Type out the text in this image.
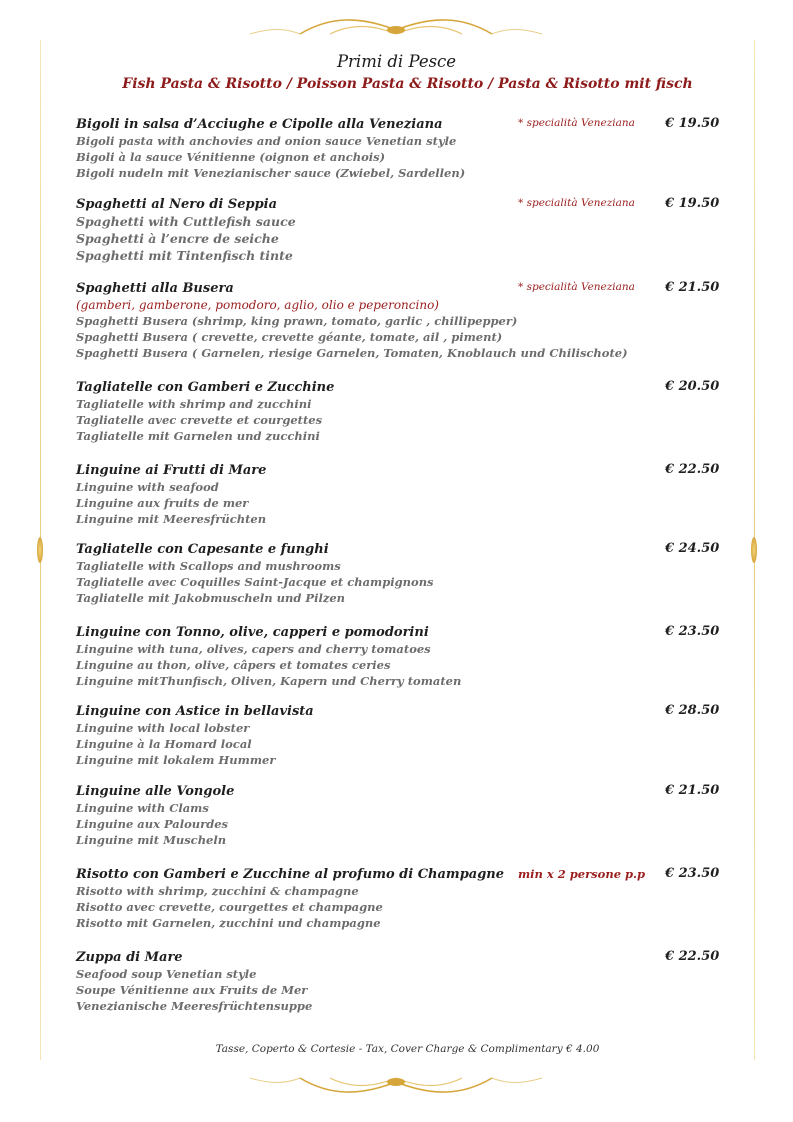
Primi di Pesce
Fish Pasta & Risotto / Poisson Pasta & Risotto / Pasta & Risotto mit fisch
Bigoli in salsa d’Acciughe e Cipolle alla Veneziana	* specialità Veneziana € 19.50
Bigoli pasta with anchovies and onion sauce Venetian style
Bigoli à la sauce Vénitienne (oignon et anchois)
Bigoli nudeln mit Venezianischer sauce (Zwiebel, Sardellen)
Spaghetti al Nero di Seppia	* specialità Veneziana € 19.50
Spaghetti with Cuttlefish sauce
Spaghetti à l’encre de seiche
Spaghetti mit Tintenfisch tinte
Spaghetti alla Busera	* specialità Veneziana € 21.50
(gamberi, gamberone, pomodoro, aglio, olio e peperoncino)
Spaghetti Busera (shrimp, king prawn, tomato, garlic , chillipepper)
Spaghetti Busera ( crevette, crevette géante, tomate, ail , piment)
Spaghetti Busera ( Garnelen, riesige Garnelen, Tomaten, Knoblauch und Chilischote)
Tagliatelle con Gamberi e Zucchine	€ 20.50
Tagliatelle with shrimp and zucchini
Tagliatelle avec crevette et courgettes
Tagliatelle mit Garnelen und zucchini
Linguine ai Frutti di Mare	€ 22.50
Linguine with seafood
Linguine aux fruits de mer
Linguine mit Meeresfrüchten
Tagliatelle con Capesante e funghi	€ 24.50
Tagliatelle with Scallops and mushrooms
Tagliatelle avec Coquilles Saint-Jacque et champignons
Tagliatelle mit Jakobmuscheln und Pilzen
Linguine con Tonno, olive, capperi e pomodorini	€ 23.50
Linguine with tuna, olives, capers and cherry tomatoes
Linguine au thon, olive, câpers et tomates ceries
Linguine mitThunfisch, Oliven, Kapern und Cherry tomaten
Linguine con Astice in bellavista	€ 28.50
Linguine with local lobster
Linguine à la Homard local
Linguine mit lokalem Hummer
Linguine alle Vongole	€ 21.50
Linguine with Clams
Linguine aux Palourdes
Linguine mit Muscheln
Risotto con Gamberi e Zucchine al profumo di Champagne	min x 2 persone p.p € 23.50
Risotto with shrimp, zucchini & champagne
Risotto avec crevette, courgettes et champagne
Risotto mit Garnelen, zucchini und champagne
Zuppa di Mare	€ 22.50
Seafood soup Venetian style
Soupe Vénitienne aux Fruits de Mer
Venezianische Meeresfrüchtensuppe
Tasse, Coperto & Cortesie - Tax, Cover Charge & Complimentary € 4.00
